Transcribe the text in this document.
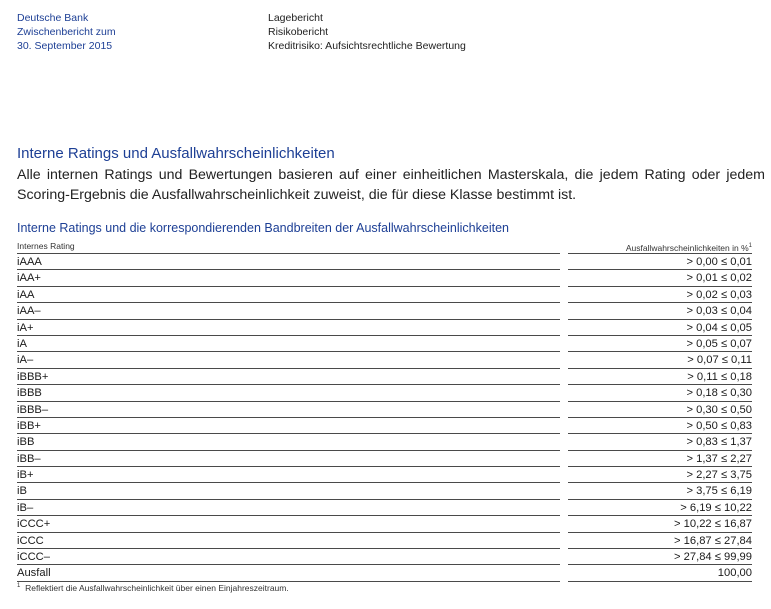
Deutsche Bank
Zwischenbericht zum
30. September 2015
Lagebericht
Risikobericht
Kreditrisiko: Aufsichtsrechtliche Bewertung
Interne Ratings und Ausfallwahrscheinlichkeiten
Alle internen Ratings und Bewertungen basieren auf einer einheitlichen Masterskala, die jedem Rating oder jedem Scoring-Ergebnis die Ausfallwahrscheinlichkeit zuweist, die für diese Klasse bestimmt ist.
Interne Ratings und die korrespondierenden Bandbreiten der Ausfallwahrscheinlichkeiten
Internes Rating	Ausfallwahrscheinlichkeiten in %$^1$
iAAA	> 0,00 ≤ 0,01
iAA+	> 0,01 ≤ 0,02
iAA	> 0,02 ≤ 0,03
iAA–	> 0,03 ≤ 0,04
iA+	> 0,04 ≤ 0,05
iA	> 0,05 ≤ 0,07
iA–	> 0,07 ≤ 0,11
iBBB+	> 0,11 ≤ 0,18
iBBB	> 0,18 ≤ 0,30
iBBB–	> 0,30 ≤ 0,50
iBB+	> 0,50 ≤ 0,83
iBB	> 0,83 ≤ 1,37
iBB–	> 1,37 ≤ 2,27
iB+	> 2,27 ≤ 3,75
iB	> 3,75 ≤ 6,19
iB–	> 6,19 ≤ 10,22
iCCC+	> 10,22 ≤ 16,87
iCCC	> 16,87 ≤ 27,84
iCCC–	> 27,84 ≤ 99,99
Ausfall	100,00
$^1$ Reflektiert die Ausfallwahrscheinlichkeit über einen Einjahreszeitraum.
